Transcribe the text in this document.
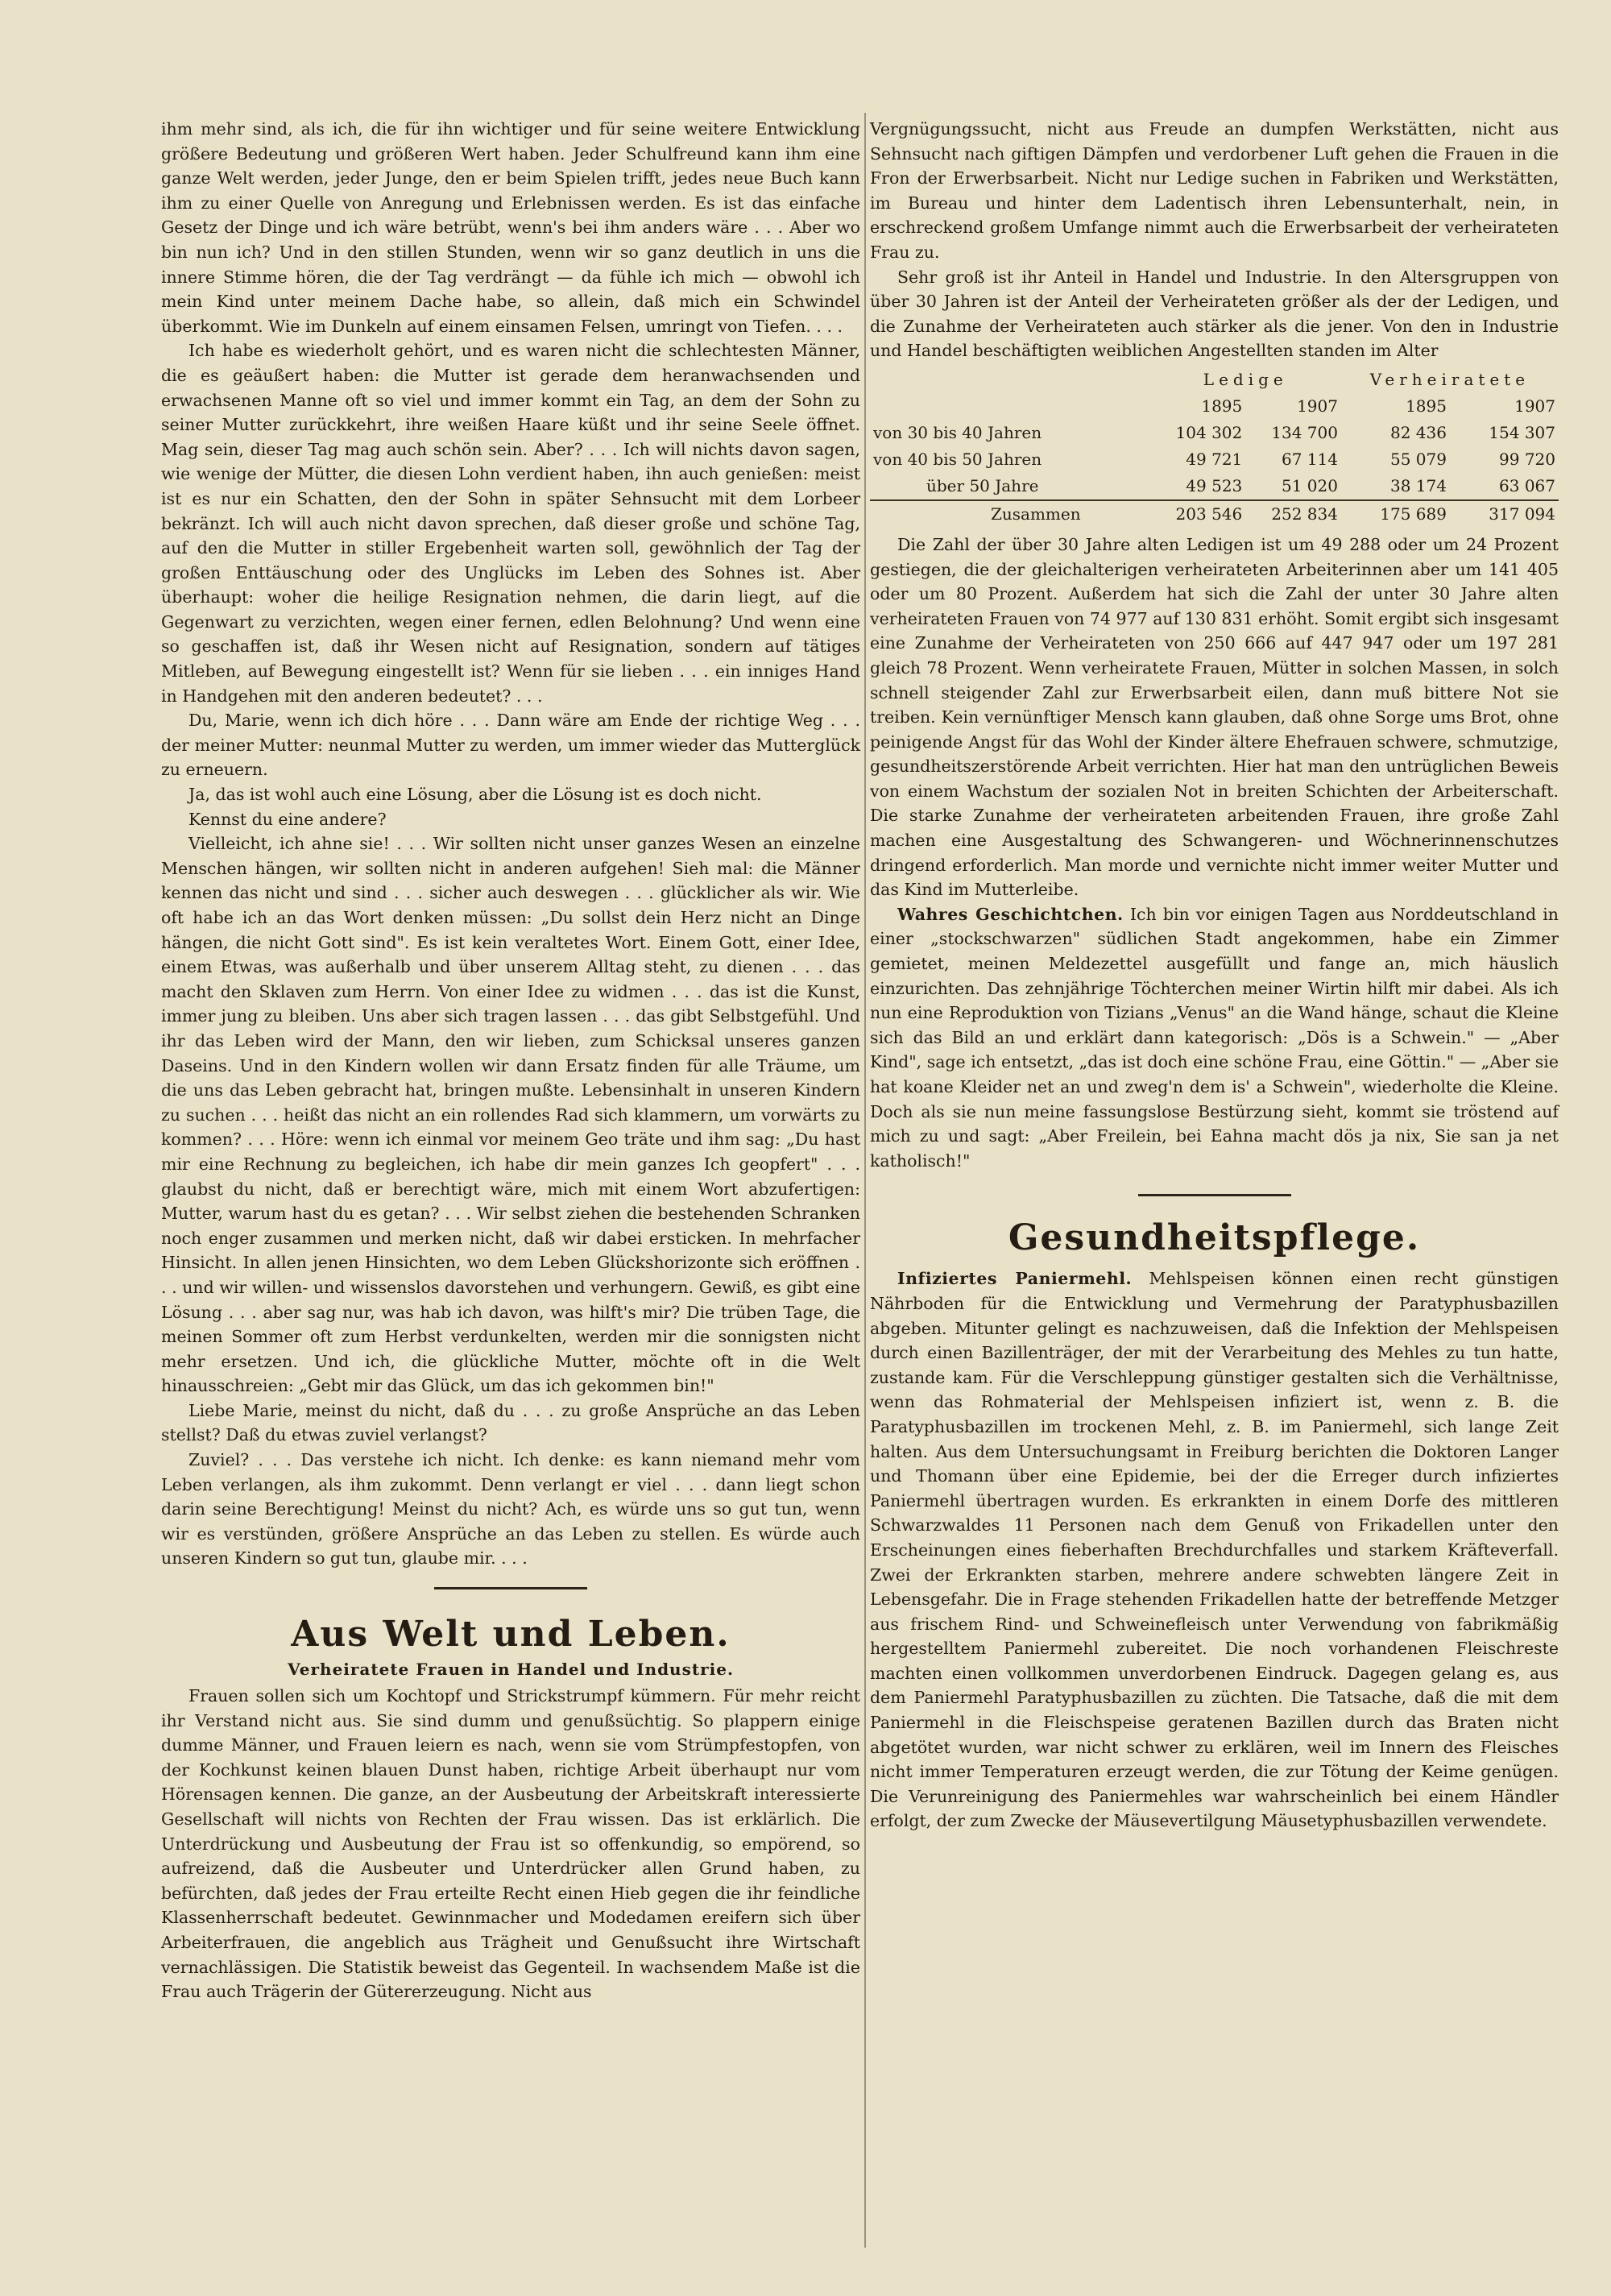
ihm mehr sind, als ich, die für ihn wichtiger und für seine weitere Entwicklung größere Bedeutung und größeren Wert haben. Jeder Schulfreund kann ihm eine ganze Welt werden, jeder Junge, den er beim Spielen trifft, jedes neue Buch kann ihm zu einer Quelle von Anregung und Erlebnissen werden. Es ist das einfache Gesetz der Dinge und ich wäre betrübt, wenn's bei ihm anders wäre . . . Aber wo bin nun ich? Und in den stillen Stunden, wenn wir so ganz deutlich in uns die innere Stimme hören, die der Tag verdrängt — da fühle ich mich — obwohl ich mein Kind unter meinem Dache habe, so allein, daß mich ein Schwindel überkommt. Wie im Dunkeln auf einem einsamen Felsen, umringt von Tiefen. . . .

Ich habe es wiederholt gehört, und es waren nicht die schlechtesten Männer, die es geäußert haben: die Mutter ist gerade dem heranwachsenden und erwachsenen Manne oft so viel und immer kommt ein Tag, an dem der Sohn zu seiner Mutter zurückkehrt, ihre weißen Haare küßt und ihr seine Seele öffnet. Mag sein, dieser Tag mag auch schön sein. Aber? . . . Ich will nichts davon sagen, wie wenige der Mütter, die diesen Lohn verdient haben, ihn auch genießen: meist ist es nur ein Schatten, den der Sohn in später Sehnsucht mit dem Lorbeer bekränzt. Ich will auch nicht davon sprechen, daß dieser große und schöne Tag, auf den die Mutter in stiller Ergebenheit warten soll, gewöhnlich der Tag der großen Enttäuschung oder des Unglücks im Leben des Sohnes ist. Aber überhaupt: woher die heilige Resignation nehmen, die darin liegt, auf die Gegenwart zu verzichten, wegen einer fernen, edlen Belohnung? Und wenn eine so geschaffen ist, daß ihr Wesen nicht auf Resignation, sondern auf tätiges Mitleben, auf Bewegung eingestellt ist? Wenn für sie lieben . . . ein inniges Hand in Handgehen mit den anderen bedeutet? . . .

Du, Marie, wenn ich dich höre . . . Dann wäre am Ende der richtige Weg . . . der meiner Mutter: neunmal Mutter zu werden, um immer wieder das Mutterglück zu erneuern.

Ja, das ist wohl auch eine Lösung, aber die Lösung ist es doch nicht.

Kennst du eine andere?

Vielleicht, ich ahne sie! . . . Wir sollten nicht unser ganzes Wesen an einzelne Menschen hängen, wir sollten nicht in anderen aufgehen! Sieh mal: die Männer kennen das nicht und sind . . . sicher auch deswegen . . . glücklicher als wir. Wie oft habe ich an das Wort denken müssen: „Du sollst dein Herz nicht an Dinge hängen, die nicht Gott sind". Es ist kein veraltetes Wort. Einem Gott, einer Idee, einem Etwas, was außerhalb und über unserem Alltag steht, zu dienen . . . das macht den Sklaven zum Herrn. Von einer Idee zu widmen . . . das ist die Kunst, immer jung zu bleiben. Uns aber sich tragen lassen . . . das gibt Selbstgefühl. Und ihr das Leben wird der Mann, den wir lieben, zum Schicksal unseres ganzen Daseins. Und in den Kindern wollen wir dann Ersatz finden für alle Träume, um die uns das Leben gebracht hat, bringen mußte. Lebensinhalt in unseren Kindern zu suchen . . . heißt das nicht an ein rollendes Rad sich klammern, um vorwärts zu kommen? . . . Höre: wenn ich einmal vor meinem Geo träte und ihm sag: „Du hast mir eine Rechnung zu begleichen, ich habe dir mein ganzes Ich geopfert" . . . glaubst du nicht, daß er berechtigt wäre, mich mit einem Wort abzufertigen: Mutter, warum hast du es getan? . . . Wir selbst ziehen die bestehenden Schranken noch enger zusammen und merken nicht, daß wir dabei ersticken. In mehrfacher Hinsicht. In allen jenen Hinsichten, wo dem Leben Glückshorizonte sich eröffnen . . . und wir willen- und wissenslos davorstehen und verhungern. Gewiß, es gibt eine Lösung . . . aber sag nur, was hab ich davon, was hilft's mir? Die trüben Tage, die meinen Sommer oft zum Herbst verdunkelten, werden mir die sonnigsten nicht mehr ersetzen. Und ich, die glückliche Mutter, möchte oft in die Welt hinausschreien: „Gebt mir das Glück, um das ich gekommen bin!"

Liebe Marie, meinst du nicht, daß du . . . zu große Ansprüche an das Leben stellst? Daß du etwas zuviel verlangst?

Zuviel? . . . Das verstehe ich nicht. Ich denke: es kann niemand mehr vom Leben verlangen, als ihm zukommt. Denn verlangt er viel . . . dann liegt schon darin seine Berechtigung! Meinst du nicht? Ach, es würde uns so gut tun, wenn wir es verstünden, größere Ansprüche an das Leben zu stellen. Es würde auch unseren Kindern so gut tun, glaube mir. . . .

Aus Welt und Leben.
Verheiratete Frauen in Handel und Industrie.

Frauen sollen sich um Kochtopf und Strickstrumpf kümmern. Für mehr reicht ihr Verstand nicht aus. Sie sind dumm und genußsüchtig. So plappern einige dumme Männer, und Frauen leiern es nach, wenn sie vom Strümpfestopfen, von der Kochkunst keinen blauen Dunst haben, richtige Arbeit überhaupt nur vom Hörensagen kennen. Die ganze, an der Ausbeutung der Arbeitskraft interessierte Gesellschaft will nichts von Rechten der Frau wissen. Das ist erklärlich. Die Unterdrückung und Ausbeutung der Frau ist so offenkundig, so empörend, so aufreizend, daß die Ausbeuter und Unterdrücker allen Grund haben, zu befürchten, daß jedes der Frau erteilte Recht einen Hieb gegen die ihr feindliche Klassenherrschaft bedeutet. Gewinnmacher und Modedamen ereifern sich über Arbeiterfrauen, die angeblich aus Trägheit und Genußsucht ihre Wirtschaft vernachlässigen. Die Statistik beweist das Gegenteil. In wachsendem Maße ist die Frau auch Trägerin der Gütererzeugung. Nicht aus

Vergnügungssucht, nicht aus Freude an dumpfen Werkstätten, nicht aus Sehnsucht nach giftigen Dämpfen und verdorbener Luft gehen die Frauen in die Fron der Erwerbsarbeit. Nicht nur Ledige suchen in Fabriken und Werkstätten, im Bureau und hinter dem Ladentisch ihren Lebensunterhalt, nein, in erschreckend großem Umfange nimmt auch die Erwerbsarbeit der verheirateten Frau zu.

Sehr groß ist ihr Anteil in Handel und Industrie. In den Altersgruppen von über 30 Jahren ist der Anteil der Verheirateten größer als der der Ledigen, und die Zunahme der Verheirateten auch stärker als die jener. Von den in Industrie und Handel beschäftigten weiblichen Angestellten standen im Alter

	Ledige		Verheiratete	
	1895	1907	1895	1907
von 30 bis 40 Jahren	104 302	134 700	82 436	154 307
von 40 bis 50 Jahren	49 721	67 114	55 079	99 720
über 50 Jahre	49 523	51 020	38 174	63 067
Zusammen	203 546	252 834	175 689	317 094

Die Zahl der über 30 Jahre alten Ledigen ist um 49 288 oder um 24 Prozent gestiegen, die der gleichalterigen verheirateten Arbeiterinnen aber um 141 405 oder um 80 Prozent. Außerdem hat sich die Zahl der unter 30 Jahre alten verheirateten Frauen von 74 977 auf 130 831 erhöht. Somit ergibt sich insgesamt eine Zunahme der Verheirateten von 250 666 auf 447 947 oder um 197 281 gleich 78 Prozent. Wenn verheiratete Frauen, Mütter in solchen Massen, in solch schnell steigender Zahl zur Erwerbsarbeit eilen, dann muß bittere Not sie treiben. Kein vernünftiger Mensch kann glauben, daß ohne Sorge ums Brot, ohne peinigende Angst für das Wohl der Kinder ältere Ehefrauen schwere, schmutzige, gesundheitszerstörende Arbeit verrichten. Hier hat man den untrüglichen Beweis von einem Wachstum der sozialen Not in breiten Schichten der Arbeiterschaft. Die starke Zunahme der verheirateten arbeitenden Frauen, ihre große Zahl machen eine Ausgestaltung des Schwangeren- und Wöchnerinnenschutzes dringend erforderlich. Man morde und vernichte nicht immer weiter Mutter und das Kind im Mutterleibe.

Wahres Geschichtchen. Ich bin vor einigen Tagen aus Norddeutschland in einer „stockschwarzen" südlichen Stadt angekommen, habe ein Zimmer gemietet, meinen Meldezettel ausgefüllt und fange an, mich häuslich einzurichten. Das zehnjährige Töchterchen meiner Wirtin hilft mir dabei. Als ich nun eine Reproduktion von Tizians „Venus" an die Wand hänge, schaut die Kleine sich das Bild an und erklärt dann kategorisch: „Dös is a Schwein." — „Aber Kind", sage ich entsetzt, „das ist doch eine schöne Frau, eine Göttin." — „Aber sie hat koane Kleider net an und zweg'n dem is' a Schwein", wiederholte die Kleine. Doch als sie nun meine fassungslose Bestürzung sieht, kommt sie tröstend auf mich zu und sagt: „Aber Freilein, bei Eahna macht dös ja nix, Sie san ja net katholisch!"

Gesundheitspflege.

Infiziertes Paniermehl. Mehlspeisen können einen recht günstigen Nährboden für die Entwicklung und Vermehrung der Paratyphusbazillen abgeben. Mitunter gelingt es nachzuweisen, daß die Infektion der Mehlspeisen durch einen Bazillenträger, der mit der Verarbeitung des Mehles zu tun hatte, zustande kam. Für die Verschleppung günstiger gestalten sich die Verhältnisse, wenn das Rohmaterial der Mehlspeisen infiziert ist, wenn z. B. die Paratyphusbazillen im trockenen Mehl, z. B. im Paniermehl, sich lange Zeit halten. Aus dem Untersuchungsamt in Freiburg berichten die Doktoren Langer und Thomann über eine Epidemie, bei der die Erreger durch infiziertes Paniermehl übertragen wurden. Es erkrankten in einem Dorfe des mittleren Schwarzwaldes 11 Personen nach dem Genuß von Frikadellen unter den Erscheinungen eines fieberhaften Brechdurchfalles und starkem Kräfteverfall. Zwei der Erkrankten starben, mehrere andere schwebten längere Zeit in Lebensgefahr. Die in Frage stehenden Frikadellen hatte der betreffende Metzger aus frischem Rind- und Schweinefleisch unter Verwendung von fabrikmäßig hergestelltem Paniermehl zubereitet. Die noch vorhandenen Fleischreste machten einen vollkommen unverdorbenen Eindruck. Dagegen gelang es, aus dem Paniermehl Paratyphusbazillen zu züchten. Die Tatsache, daß die mit dem Paniermehl in die Fleischspeise geratenen Bazillen durch das Braten nicht abgetötet wurden, war nicht schwer zu erklären, weil im Innern des Fleisches nicht immer Temperaturen erzeugt werden, die zur Tötung der Keime genügen. Die Verunreinigung des Paniermehles war wahrscheinlich bei einem Händler erfolgt, der zum Zwecke der Mäusevertilgung Mäusetyphusbazillen verwendete.
